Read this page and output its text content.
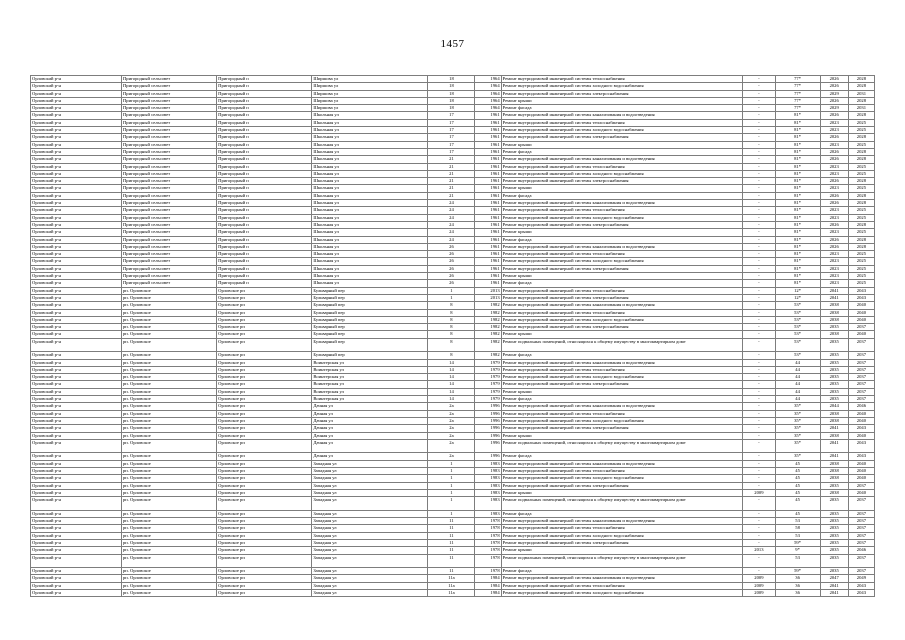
1457
Орловский р-н	Пригородный сельсовет	Пригородный п	Ширшова ул	18	1964	Ремонт внутридомовой инженерной системы теплоснабжения	-	77*	2026	2028
Орловский р-н	Пригородный сельсовет	Пригородный п	Ширшова ул	18	1964	Ремонт внутридомовой инженерной системы холодного водоснабжения	-	77*	2026	2028
Орловский р-н	Пригородный сельсовет	Пригородный п	Ширшова ул	18	1964	Ремонт внутридомовой инженерной системы электроснабжения	-	77*	2029	2031
Орловский р-н	Пригородный сельсовет	Пригородный п	Ширшова ул	18	1964	Ремонт крыши	-	77*	2026	2028
Орловский р-н	Пригородный сельсовет	Пригородный п	Ширшова ул	18	1964	Ремонт фасада	-	77*	2029	2031
Орловский р-н	Пригородный сельсовет	Пригородный п	Школьная ул	17	1961	Ремонт внутридомовой инженерной системы канализования и водоотведения	-	81*	2026	2028
Орловский р-н	Пригородный сельсовет	Пригородный п	Школьная ул	17	1961	Ремонт внутридомовой инженерной системы теплоснабжения	-	81*	2023	2025
Орловский р-н	Пригородный сельсовет	Пригородный п	Школьная ул	17	1961	Ремонт внутридомовой инженерной системы холодного водоснабжения	-	81*	2023	2025
Орловский р-н	Пригородный сельсовет	Пригородный п	Школьная ул	17	1961	Ремонт внутридомовой инженерной системы электроснабжения	-	81*	2026	2028
Орловский р-н	Пригородный сельсовет	Пригородный п	Школьная ул	17	1961	Ремонт крыши	-	81*	2023	2025
Орловский р-н	Пригородный сельсовет	Пригородный п	Школьная ул	17	1961	Ремонт фасада	-	81*	2026	2028
Орловский р-н	Пригородный сельсовет	Пригородный п	Школьная ул	21	1961	Ремонт внутридомовой инженерной системы канализования и водоотведения	-	81*	2026	2028
Орловский р-н	Пригородный сельсовет	Пригородный п	Школьная ул	21	1961	Ремонт внутридомовой инженерной системы теплоснабжения	-	81*	2023	2025
Орловский р-н	Пригородный сельсовет	Пригородный п	Школьная ул	21	1961	Ремонт внутридомовой инженерной системы холодного водоснабжения	-	81*	2023	2025
Орловский р-н	Пригородный сельсовет	Пригородный п	Школьная ул	21	1961	Ремонт внутридомовой инженерной системы электроснабжения	-	81*	2026	2028
Орловский р-н	Пригородный сельсовет	Пригородный п	Школьная ул	21	1961	Ремонт крыши	-	81*	2023	2025
Орловский р-н	Пригородный сельсовет	Пригородный п	Школьная ул	21	1961	Ремонт фасада	-	81*	2026	2028
Орловский р-н	Пригородный сельсовет	Пригородный п	Школьная ул	24	1961	Ремонт внутридомовой инженерной системы канализования и водоотведения	-	81*	2026	2028
Орловский р-н	Пригородный сельсовет	Пригородный п	Школьная ул	24	1961	Ремонт внутридомовой инженерной системы теплоснабжения	-	81*	2023	2025
Орловский р-н	Пригородный сельсовет	Пригородный п	Школьная ул	24	1961	Ремонт внутридомовой инженерной системы холодного водоснабжения	-	81*	2023	2025
Орловский р-н	Пригородный сельсовет	Пригородный п	Школьная ул	24	1961	Ремонт внутридомовой инженерной системы электроснабжения	-	81*	2026	2028
Орловский р-н	Пригородный сельсовет	Пригородный п	Школьная ул	24	1961	Ремонт крыши	-	81*	2023	2025
Орловский р-н	Пригородный сельсовет	Пригородный п	Школьная ул	24	1961	Ремонт фасада	-	81*	2026	2028
Орловский р-н	Пригородный сельсовет	Пригородный п	Школьная ул	26	1961	Ремонт внутридомовой инженерной системы канализования и водоотведения	-	81*	2026	2028
Орловский р-н	Пригородный сельсовет	Пригородный п	Школьная ул	26	1961	Ремонт внутридомовой инженерной системы теплоснабжения	-	81*	2023	2025
Орловский р-н	Пригородный сельсовет	Пригородный п	Школьная ул	26	1961	Ремонт внутридомовой инженерной системы холодного водоснабжения	-	81*	2023	2025
Орловский р-н	Пригородный сельсовет	Пригородный п	Школьная ул	26	1961	Ремонт внутридомовой инженерной системы электроснабжения	-	81*	2023	2025
Орловский р-н	Пригородный сельсовет	Пригородный п	Школьная ул	26	1961	Ремонт крыши	-	81*	2023	2025
Орловский р-н	Пригородный сельсовет	Пригородный п	Школьная ул	26	1961	Ремонт фасада	-	81*	2023	2025
Орловский р-н	рп. Орловское	Орловское рп	Бульварный пер	1	2013	Ремонт внутридомовой инженерной системы теплоснабжения	-	12*	2041	2043
Орловский р-н	рп. Орловское	Орловское рп	Бульварный пер	1	2013	Ремонт внутридомовой инженерной системы электроснабжения	-	12*	2041	2043
Орловский р-н	рп. Орловское	Орловское рп	Бульварный пер	8	1982	Ремонт внутридомовой инженерной системы канализования и водоотведения	-	53*	2038	2040
Орловский р-н	рп. Орловское	Орловское рп	Бульварный пер	8	1982	Ремонт внутридомовой инженерной системы теплоснабжения	-	53*	2038	2040
Орловский р-н	рп. Орловское	Орловское рп	Бульварный пер	8	1982	Ремонт внутридомовой инженерной системы холодного водоснабжения	-	53*	2038	2040
Орловский р-н	рп. Орловское	Орловское рп	Бульварный пер	8	1982	Ремонт внутридомовой инженерной системы электроснабжения	-	53*	2035	2037
Орловский р-н	рп. Орловское	Орловское рп	Бульварный пер	8	1982	Ремонт крыши	-	53*	2038	2040
Орловский р-н	рп. Орловское	Орловское рп	Бульварный пер	8	1982	Ремонт подвальных помещений, относящихся к общему имуществу в многоквартирном доме	-	53*	2035	2037
Орловский р-н	рп. Орловское	Орловское рп	Бульварный пер	8	1982	Ремонт фасада	-	53*	2035	2037
Орловский р-н	рп. Орловское	Орловское рп	Воинтерская ул	14	1979	Ремонт внутридомовой инженерной системы канализования и водоотведения	-	44	2035	2037
Орловский р-н	рп. Орловское	Орловское рп	Воинтерская ул	14	1979	Ремонт внутридомовой инженерной системы теплоснабжения	-	44	2035	2037
Орловский р-н	рп. Орловское	Орловское рп	Воинтерская ул	14	1979	Ремонт внутридомовой инженерной системы холодного водоснабжения	-	44	2035	2037
Орловский р-н	рп. Орловское	Орловское рп	Воинтерская ул	14	1979	Ремонт внутридомовой инженерной системы электроснабжения	-	44	2035	2037
Орловский р-н	рп. Орловское	Орловское рп	Воинтерская ул	14	1979	Ремонт крыши	-	44	2035	2037
Орловский р-н	рп. Орловское	Орловское рп	Воинтерская ул	14	1979	Ремонт фасада	-	44	2035	2037
Орловский р-н	рп. Орловское	Орловское рп	Дачная ул	2а	1996	Ремонт внутридомовой инженерной системы канализования и водоотведения	-	35*	2044	2046
Орловский р-н	рп. Орловское	Орловское рп	Дачная ул	2а	1996	Ремонт внутридомовой инженерной системы теплоснабжения	-	35*	2038	2040
Орловский р-н	рп. Орловское	Орловское рп	Дачная ул	2а	1996	Ремонт внутридомовой инженерной системы холодного водоснабжения	-	35*	2038	2040
Орловский р-н	рп. Орловское	Орловское рп	Дачная ул	2а	1996	Ремонт внутридомовой инженерной системы электроснабжения	-	35*	2041	2043
Орловский р-н	рп. Орловское	Орловское рп	Дачная ул	2а	1996	Ремонт крыши	-	35*	2038	2040
Орловский р-н	рп. Орловское	Орловское рп	Дачная ул	2а	1996	Ремонт подвальных помещений, относящихся к общему имуществу в многоквартирном доме	-	35*	2041	2043
Орловский р-н	рп. Орловское	Орловское рп	Дачная ул	2а	1996	Ремонт фасада	-	35*	2041	2043
Орловский р-н	рп. Орловское	Орловское рп	Западная ул	1	1983	Ремонт внутридомовой инженерной системы канализования и водоотведения	-	45	2038	2040
Орловский р-н	рп. Орловское	Орловское рп	Западная ул	1	1983	Ремонт внутридомовой инженерной системы теплоснабжения	-	45	2038	2040
Орловский р-н	рп. Орловское	Орловское рп	Западная ул	1	1983	Ремонт внутридомовой инженерной системы холодного водоснабжения	-	45	2038	2040
Орловский р-н	рп. Орловское	Орловское рп	Западная ул	1	1983	Ремонт внутридомовой инженерной системы электроснабжения	-	45	2035	2037
Орловский р-н	рп. Орловское	Орловское рп	Западная ул	1	1983	Ремонт крыши	2009	45	2038	2040
Орловский р-н	рп. Орловское	Орловское рп	Западная ул	1	1983	Ремонт подвальных помещений, относящихся к общему имуществу в многоквартирном доме	-	45	2035	2037
Орловский р-н	рп. Орловское	Орловское рп	Западная ул	1	1983	Ремонт фасада	-	45	2035	2037
Орловский р-н	рп. Орловское	Орловское рп	Западная ул	11	1978	Ремонт внутридомовой инженерной системы канализования и водоотведения	-	53	2035	2037
Орловский р-н	рп. Орловское	Орловское рп	Западная ул	11	1978	Ремонт внутридомовой инженерной системы теплоснабжения	-	58	2035	2037
Орловский р-н	рп. Орловское	Орловское рп	Западная ул	11	1978	Ремонт внутридомовой инженерной системы холодного водоснабжения	-	53	2035	2037
Орловский р-н	рп. Орловское	Орловское рп	Западная ул	11	1978	Ремонт внутридомовой инженерной системы электроснабжения	-	59*	2035	2037
Орловский р-н	рп. Орловское	Орловское рп	Западная ул	11	1978	Ремонт крыши	2013	9*	2035	2046
Орловский р-н	рп. Орловское	Орловское рп	Западная ул	11	1978	Ремонт подвальных помещений, относящихся к общему имуществу в многоквартирном доме	-	53	2035	2037
Орловский р-н	рп. Орловское	Орловское рп	Западная ул	11	1978	Ремонт фасада	-	59*	2035	2037
Орловский р-н	рп. Орловское	Орловское рп	Западная ул	11а	1984	Ремонт внутридомовой инженерной системы канализования и водоотведения	2009	36	2047	2049
Орловский р-н	рп. Орловское	Орловское рп	Западная ул	11а	1984	Ремонт внутридомовой инженерной системы теплоснабжения	2009	36	2041	2043
Орловский р-н	рп. Орловское	Орловское рп	Западная ул	11а	1984	Ремонт внутридомовой инженерной системы холодного водоснабжения	2009	36	2041	2043
